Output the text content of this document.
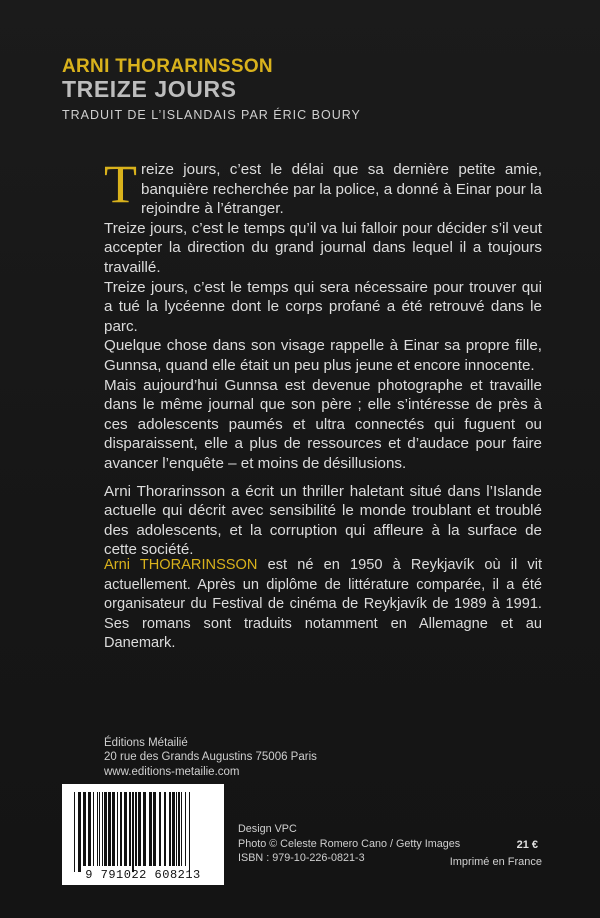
ARNI THORARINSSON
TREIZE JOURS
TRADUIT DE L’ISLANDAIS PAR ÉRIC BOURY

Treize jours, c’est le délai que sa dernière petite amie, banquière recherchée par la police, a donné à Einar pour la rejoindre à l’étranger.

Treize jours, c’est le temps qu’il va lui falloir pour décider s’il veut accepter la direction du grand journal dans lequel il a toujours travaillé.

Treize jours, c’est le temps qui sera nécessaire pour trouver qui a tué la lycéenne dont le corps profané a été retrouvé dans le parc.

Quelque chose dans son visage rappelle à Einar sa propre fille, Gunnsa, quand elle était un peu plus jeune et encore innocente.

Mais aujourd’hui Gunnsa est devenue photographe et travaille dans le même journal que son père ; elle s’intéresse de près à ces adolescents paumés et ultra connectés qui fuguent ou disparaissent, elle a plus de ressources et d’audace pour faire avancer l’enquête – et moins de désillusions.

Arni Thorarinsson a écrit un thriller haletant situé dans l’Islande actuelle qui décrit avec sensibilité le monde troublant et troublé des adolescents, et la corruption qui affleure à la surface de cette société.

Arni THORARINSSON est né en 1950 à Reykjavík où il vit actuellement. Après un diplôme de littérature comparée, il a été organisateur du Festival de cinéma de Reykjavík de 1989 à 1991. Ses romans sont traduits notamment en Allemagne et au Danemark.
Éditions Métailié
20 rue des Grands Augustins 75006 Paris
www.editions-metailie.com
9 791022 608213
Design VPC
Photo © Celeste Romero Cano / Getty Images
ISBN : 979-10-226-0821-3
21 €
Imprimé en France
